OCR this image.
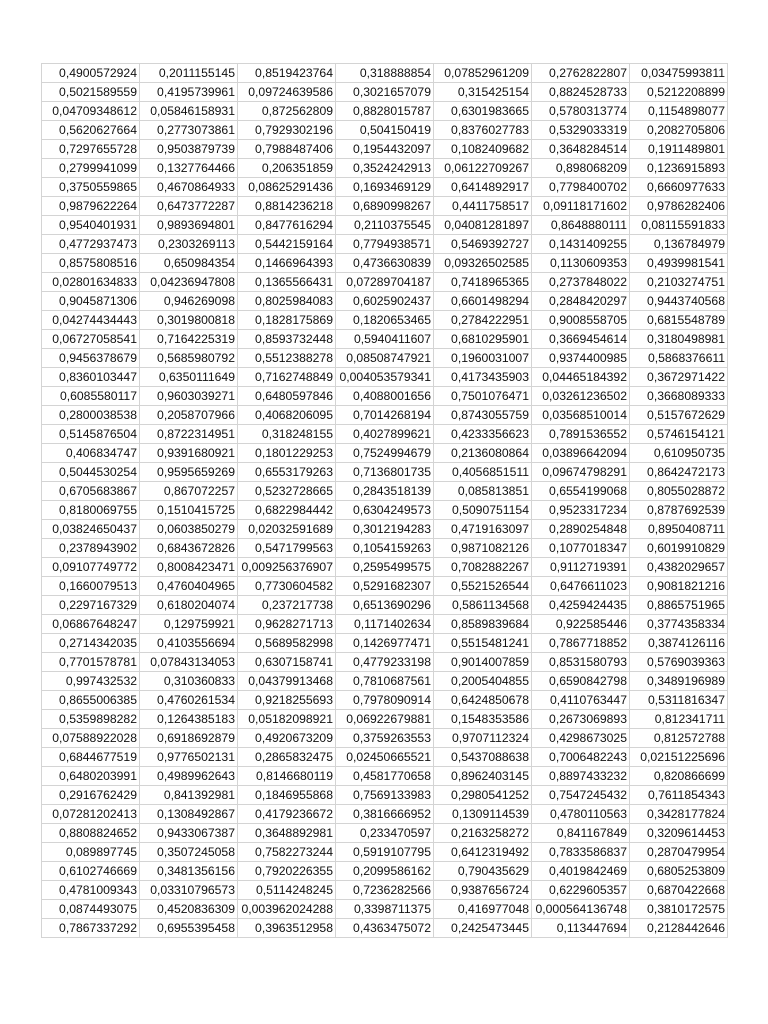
0,4900572924	0,2011155145	0,8519423764	0,318888854	0,07852961209	0,2762822807	0,03475993811
0,5021589559	0,4195739961	0,09724639586	0,3021657079	0,315425154	0,8824528733	0,5212208899
0,04709348612	0,05846158931	0,872562809	0,8828015787	0,6301983665	0,5780313774	0,1154898077
0,5620627664	0,2773073861	0,7929302196	0,504150419	0,8376027783	0,5329033319	0,2082705806
0,7297655728	0,9503879739	0,7988487406	0,1954432097	0,1082409682	0,3648284514	0,1911489801
0,2799941099	0,1327764466	0,206351859	0,3524242913	0,06122709267	0,898068209	0,1236915893
0,3750559865	0,4670864933	0,08625291436	0,1693469129	0,6414892917	0,7798400702	0,6660977633
0,9879622264	0,6473772287	0,8814236218	0,6890998267	0,4411758517	0,09118171602	0,9786282406
0,9540401931	0,9893694801	0,8477616294	0,2110375545	0,04081281897	0,8648880111	0,08115591833
0,4772937473	0,2303269113	0,5442159164	0,7794938571	0,5469392727	0,1431409255	0,136784979
0,8575808516	0,650984354	0,1466964393	0,4736630839	0,09326502585	0,1130609353	0,4939981541
0,02801634833	0,04236947808	0,1365566431	0,07289704187	0,7418965365	0,2737848022	0,2103274751
0,9045871306	0,946269098	0,8025984083	0,6025902437	0,6601498294	0,2848420297	0,9443740568
0,04274434443	0,3019800818	0,1828175869	0,1820653465	0,2784222951	0,9008558705	0,6815548789
0,06727058541	0,7164225319	0,8593732448	0,5940411607	0,6810295901	0,3669454614	0,3180498981
0,9456378679	0,5685980792	0,5512388278	0,08508747921	0,1960031007	0,9374400985	0,5868376611
0,8360103447	0,6350111649	0,7162748849	0,004053579341	0,4173435903	0,04465184392	0,3672971422
0,6085580117	0,9603039271	0,6480597846	0,4088001656	0,7501076471	0,03261236502	0,3668089333
0,2800038538	0,2058707966	0,4068206095	0,7014268194	0,8743055759	0,03568510014	0,5157672629
0,5145876504	0,8722314951	0,318248155	0,4027899621	0,4233356623	0,7891536552	0,5746154121
0,406834747	0,9391680921	0,1801229253	0,7524994679	0,2136080864	0,03896642094	0,610950735
0,5044530254	0,9595659269	0,6553179263	0,7136801735	0,4056851511	0,09674798291	0,8642472173
0,6705683867	0,867072257	0,5232728665	0,2843518139	0,085813851	0,6554199068	0,8055028872
0,8180069755	0,1510415725	0,6822984442	0,6304249573	0,5090751154	0,9523317234	0,8787692539
0,03824650437	0,0603850279	0,02032591689	0,3012194283	0,4719163097	0,2890254848	0,8950408711
0,2378943902	0,6843672826	0,5471799563	0,1054159263	0,9871082126	0,1077018347	0,6019910829
0,09107749772	0,8008423471	0,009256376907	0,2595499575	0,7082882267	0,9112719391	0,4382029657
0,1660079513	0,4760404965	0,7730604582	0,5291682307	0,5521526544	0,6476611023	0,9081821216
0,2297167329	0,6180204074	0,237217738	0,6513690296	0,5861134568	0,4259424435	0,8865751965
0,06867648247	0,129759921	0,9628271713	0,1171402634	0,8589839684	0,922585446	0,3774358334
0,2714342035	0,4103556694	0,5689582998	0,1426977471	0,5515481241	0,7867718852	0,3874126116
0,7701578781	0,07843134053	0,6307158741	0,4779233198	0,9014007859	0,8531580793	0,5769039363
0,997432532	0,310360833	0,04379913468	0,7810687561	0,2005404855	0,6590842798	0,3489196989
0,8655006385	0,4760261534	0,9218255693	0,7978090914	0,6424850678	0,4110763447	0,5311816347
0,5359898282	0,1264385183	0,05182098921	0,06922679881	0,1548353586	0,2673069893	0,812341711
0,07588922028	0,6918692879	0,4920673209	0,3759263553	0,9707112324	0,4298673025	0,812572788
0,6844677519	0,9776502131	0,2865832475	0,02450665521	0,5437088638	0,7006482243	0,02151225696
0,6480203991	0,4989962643	0,8146680119	0,4581770658	0,8962403145	0,8897433232	0,820866699
0,2916762429	0,841392981	0,1846955868	0,7569133983	0,2980541252	0,7547245432	0,7611854343
0,07281202413	0,1308492867	0,4179236672	0,3816666952	0,1309114539	0,4780110563	0,3428177824
0,8808824652	0,9433067387	0,3648892981	0,233470597	0,2163258272	0,841167849	0,3209614453
0,089897745	0,3507245058	0,7582273244	0,5919107795	0,6412319492	0,7833586837	0,2870479954
0,6102746669	0,3481356156	0,7920226355	0,2099586162	0,790435629	0,4019842469	0,6805253809
0,4781009343	0,03310796573	0,5114248245	0,7236282566	0,9387656724	0,6229605357	0,6870422668
0,0874493075	0,4520836309	0,003962024288	0,3398711375	0,416977048	0,000564136748	0,3810172575
0,7867337292	0,6955395458	0,3963512958	0,4363475072	0,2425473445	0,113447694	0,2128442646
